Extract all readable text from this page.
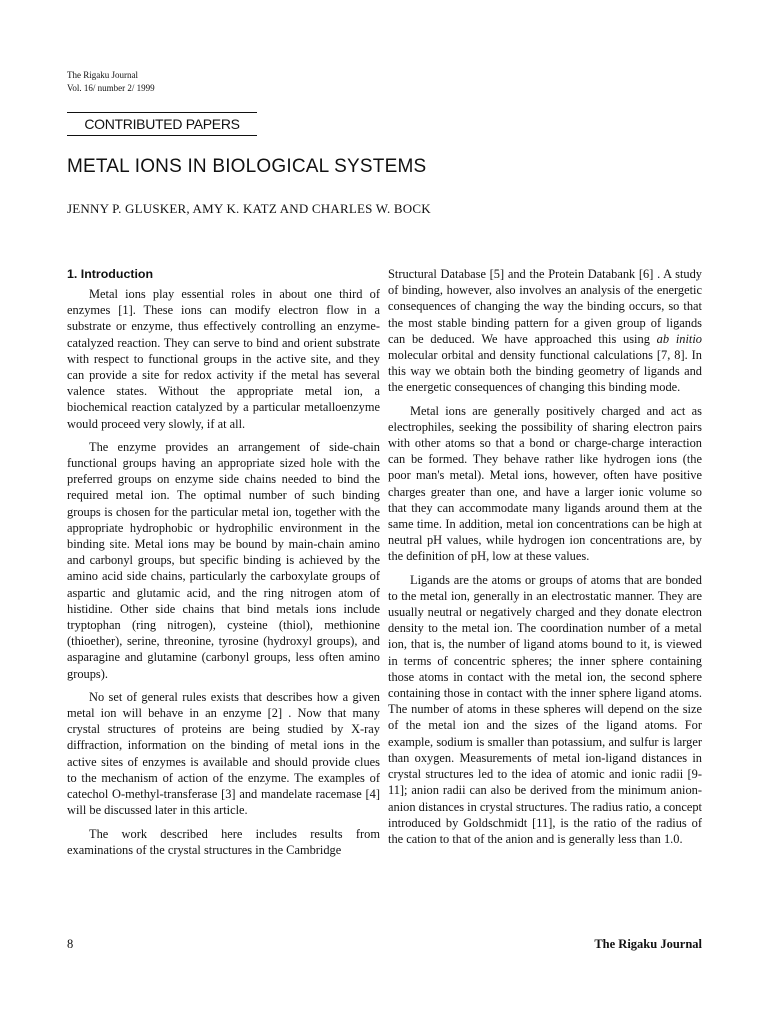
The Rigaku Journal
Vol. 16/ number 2/ 1999
CONTRIBUTED PAPERS
METAL IONS IN BIOLOGICAL SYSTEMS
JENNY P. GLUSKER, AMY K. KATZ AND CHARLES W. BOCK
1. Introduction

Metal ions play essential roles in about one third of enzymes [1]. These ions can modify electron flow in a substrate or enzyme, thus effectively controlling an enzyme-catalyzed reaction. They can serve to bind and orient substrate with respect to functional groups in the active site, and they can provide a site for redox activity if the metal has several valence states. Without the appropriate metal ion, a biochemical reaction catalyzed by a particular metalloenzyme would proceed very slowly, if at all.

The enzyme provides an arrangement of side-chain functional groups having an appropriate sized hole with the preferred groups on enzyme side chains needed to bind the required metal ion. The optimal number of such binding groups is chosen for the particular metal ion, together with the appropriate hydrophobic or hydrophilic environment in the binding site. Metal ions may be bound by main-chain amino and carbonyl groups, but specific binding is achieved by the amino acid side chains, particularly the carboxylate groups of aspartic and glutamic acid, and the ring nitrogen atom of histidine. Other side chains that bind metals ions include tryptophan (ring nitrogen), cysteine (thiol), methionine (thioether), serine, threonine, tyrosine (hydroxyl groups), and asparagine and glutamine (carbonyl groups, less often amino groups).

No set of general rules exists that describes how a given metal ion will behave in an enzyme [2] . Now that many crystal structures of proteins are being studied by X-ray diffraction, information on the binding of metal ions in the active sites of enzymes is available and should provide clues to the mechanism of action of the enzyme. The examples of catechol O-methyl-transferase [3] and mandelate racemase [4] will be discussed later in this article.

The work described here includes results from examinations of the crystal structures in the Cambridge

Structural Database [5] and the Protein Databank [6] . A study of binding, however, also involves an analysis of the energetic consequences of changing the way the binding occurs, so that the most stable binding pattern for a given group of ligands can be deduced. We have approached this using ab initio molecular orbital and density functional calculations [7, 8]. In this way we obtain both the binding geometry of ligands and the energetic consequences of changing this binding mode.

Metal ions are generally positively charged and act as electrophiles, seeking the possibility of sharing electron pairs with other atoms so that a bond or charge-charge interaction can be formed. They behave rather like hydrogen ions (the poor man's metal). Metal ions, however, often have positive charges greater than one, and have a larger ionic volume so that they can accommodate many ligands around them at the same time. In addition, metal ion concentrations can be high at neutral pH values, while hydrogen ion concentrations are, by the definition of pH, low at these values.

Ligands are the atoms or groups of atoms that are bonded to the metal ion, generally in an electrostatic manner. They are usually neutral or negatively charged and they donate electron density to the metal ion. The coordination number of a metal ion, that is, the number of ligand atoms bound to it, is viewed in terms of concentric spheres; the inner sphere containing those atoms in contact with the metal ion, the second sphere containing those in contact with the inner sphere ligand atoms. The number of atoms in these spheres will depend on the size of the metal ion and the sizes of the ligand atoms. For example, sodium is smaller than potassium, and sulfur is larger than oxygen. Measurements of metal ion-ligand distances in crystal structures led to the idea of atomic and ionic radii [9-11]; anion radii can also be derived from the minimum anion-anion distances in crystal structures. The radius ratio, a concept introduced by Goldschmidt [11], is the ratio of the radius of the cation to that of the anion and is generally less than 1.0.

8	The Rigaku Journal
